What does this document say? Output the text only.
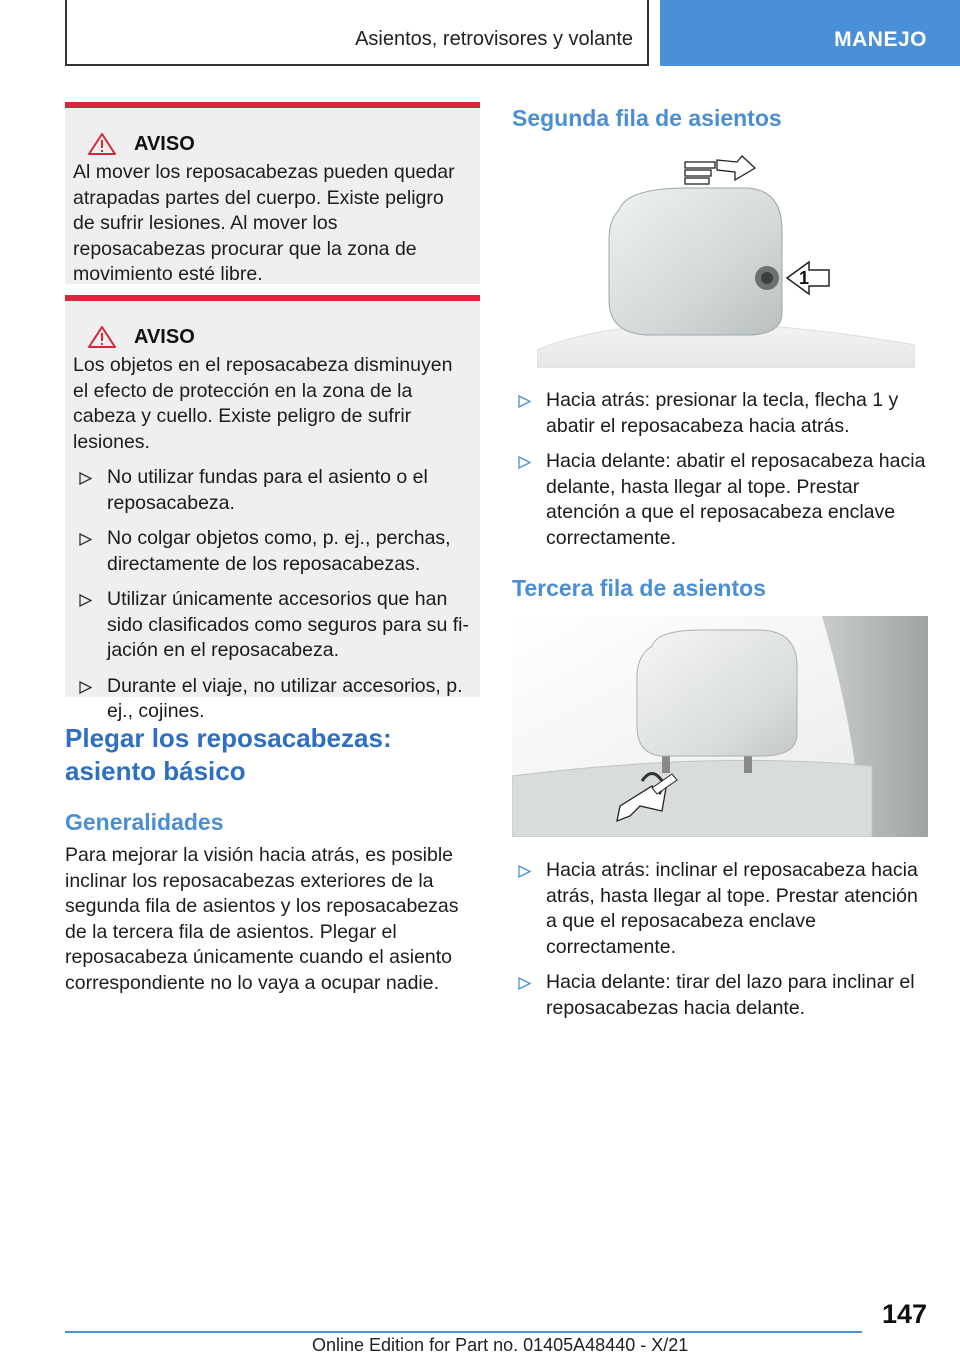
Asientos, retrovisores y volante	MANEJO
AVISO

Al mover los reposacabezas pueden quedar atrapadas partes del cuerpo. Existe peligro de sufrir lesiones. Al mover los reposacabezas procurar que la zona de movimiento esté libre.

AVISO

Los objetos en el reposacabeza disminuyen el efecto de protección en la zona de la cabeza y cuello. Existe peligro de sufrir lesiones.

No utilizar fundas para el asiento o el reposacabeza.
No colgar objetos como, p. ej., perchas, directamente de los reposacabezas.
Utilizar únicamente accesorios que han sido clasificados como seguros para su fijación en el reposacabeza.
Durante el viaje, no utilizar accesorios, p. ej., cojines.
Plegar los reposacabezas: asiento básico
Generalidades

Para mejorar la visión hacia atrás, es posible inclinar los reposacabezas exteriores de la segunda fila de asientos y los reposacabezas de la tercera fila de asientos. Plegar el reposacabeza únicamente cuando el asiento correspondiente no lo vaya a ocupar nadie.

Segunda fila de asientos
1
Hacia atrás: presionar la tecla, flecha 1 y abatir el reposacabeza hacia atrás.
Hacia delante: abatir el reposacabeza hacia delante, hasta llegar al tope. Prestar atención a que el reposacabeza enclave correctamente.
Tercera fila de asientos
Hacia atrás: inclinar el reposacabeza hacia atrás, hasta llegar al tope. Prestar atención a que el reposacabeza enclave correctamente.
Hacia delante: tirar del lazo para inclinar el reposacabezas hacia delante.
147
Online Edition for Part no. 01405A48440 - X/21
